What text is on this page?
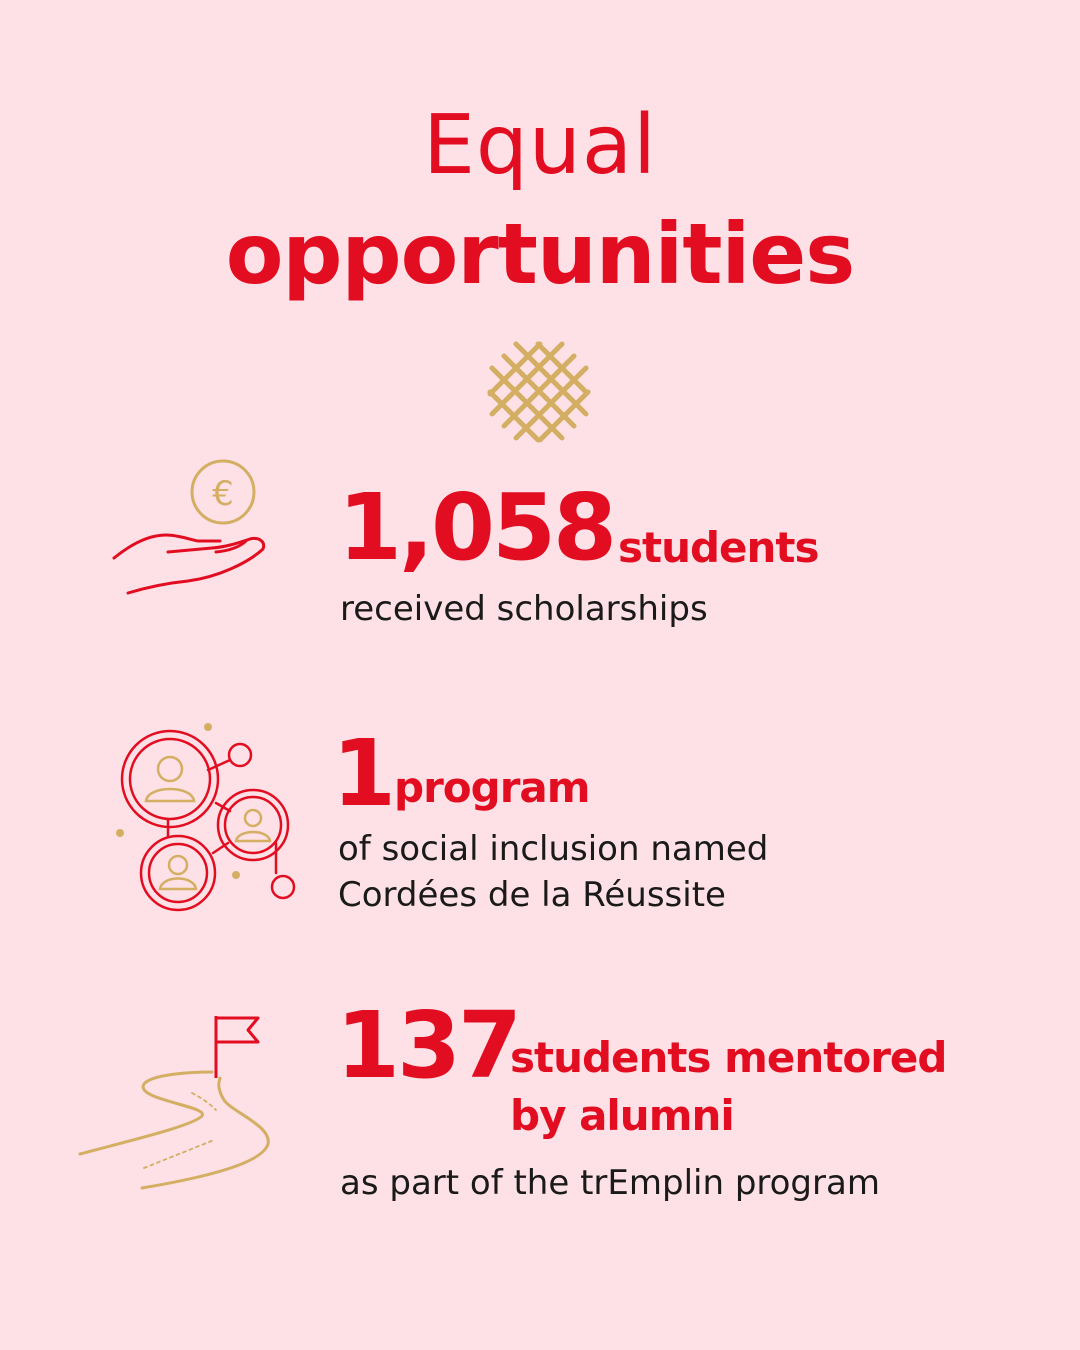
Equal
opportunities
€ 1,058 students
received scholarships
1 program
of social inclusion named
Cordées de la Réussite
137
students mentored
by alumni
as part of the trEmplin program
